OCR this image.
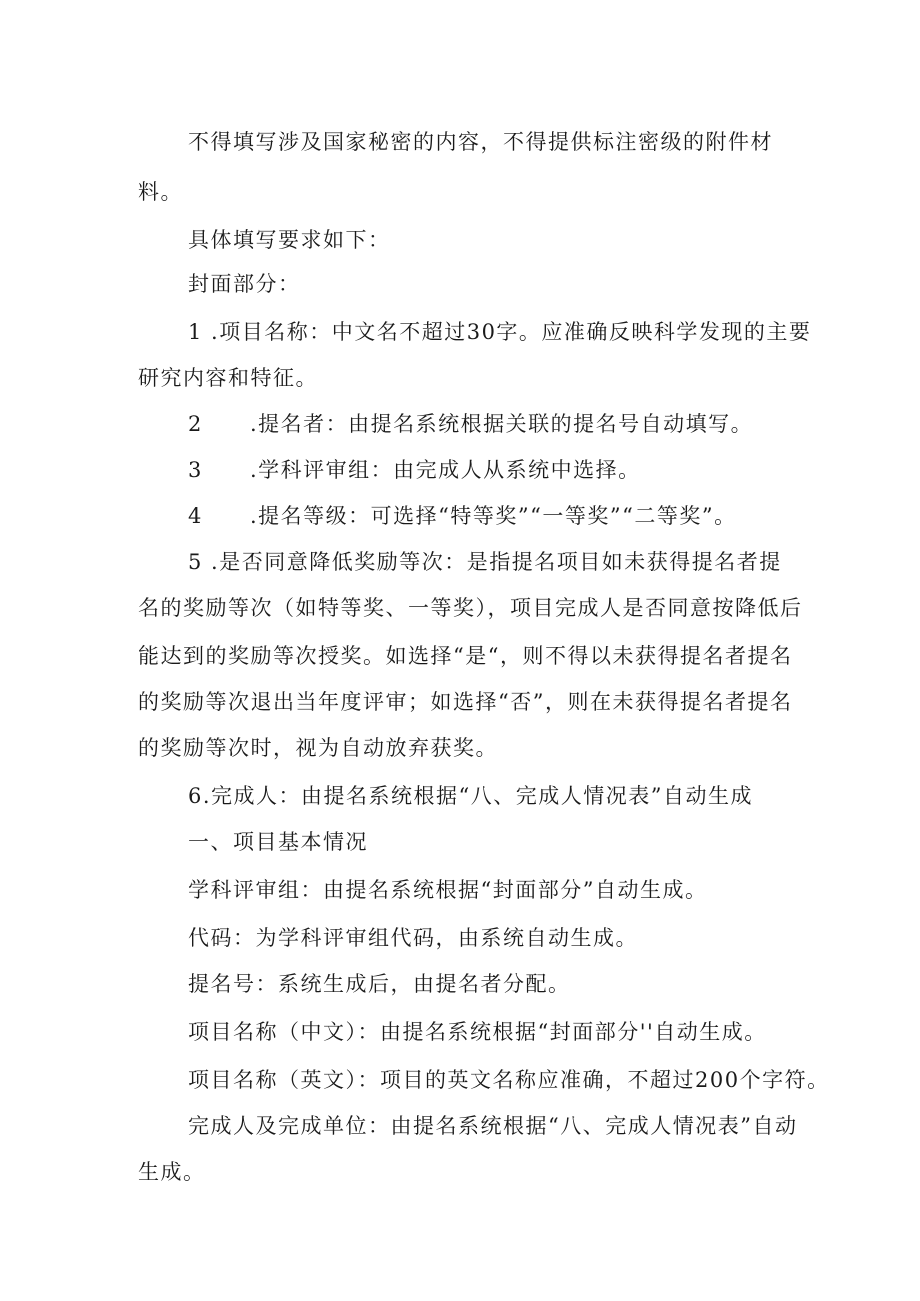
不得填写涉及国家秘密的内容，不得提供标注密级的附件材
料。
具体填写要求如下：
封面部分：
1 .项目名称：中文名不超过30字。应准确反映科学发现的主要
研究内容和特征。
2 .提名者：由提名系统根据关联的提名号自动填写。
3 .学科评审组：由完成人从系统中选择。
4 .提名等级：可选择“特等奖”“一等奖”“二等奖”。
5 .是否同意降低奖励等次：是指提名项目如未获得提名者提
名的奖励等次（如特等奖、一等奖），项目完成人是否同意按降低后
能达到的奖励等次授奖。如选择“是“，则不得以未获得提名者提名
的奖励等次退出当年度评审；如选择“否”，则在未获得提名者提名
的奖励等次时，视为自动放弃获奖。
6.完成人：由提名系统根据“八、完成人情况表”自动生成
一、项目基本情况
学科评审组：由提名系统根据“封面部分”自动生成。
代码：为学科评审组代码，由系统自动生成。
提名号：系统生成后，由提名者分配。
项目名称（中文）：由提名系统根据“封面部分''自动生成。
项目名称（英文）：项目的英文名称应准确，不超过200个字符。
完成人及完成单位：由提名系统根据“八、完成人情况表”自动
生成。
